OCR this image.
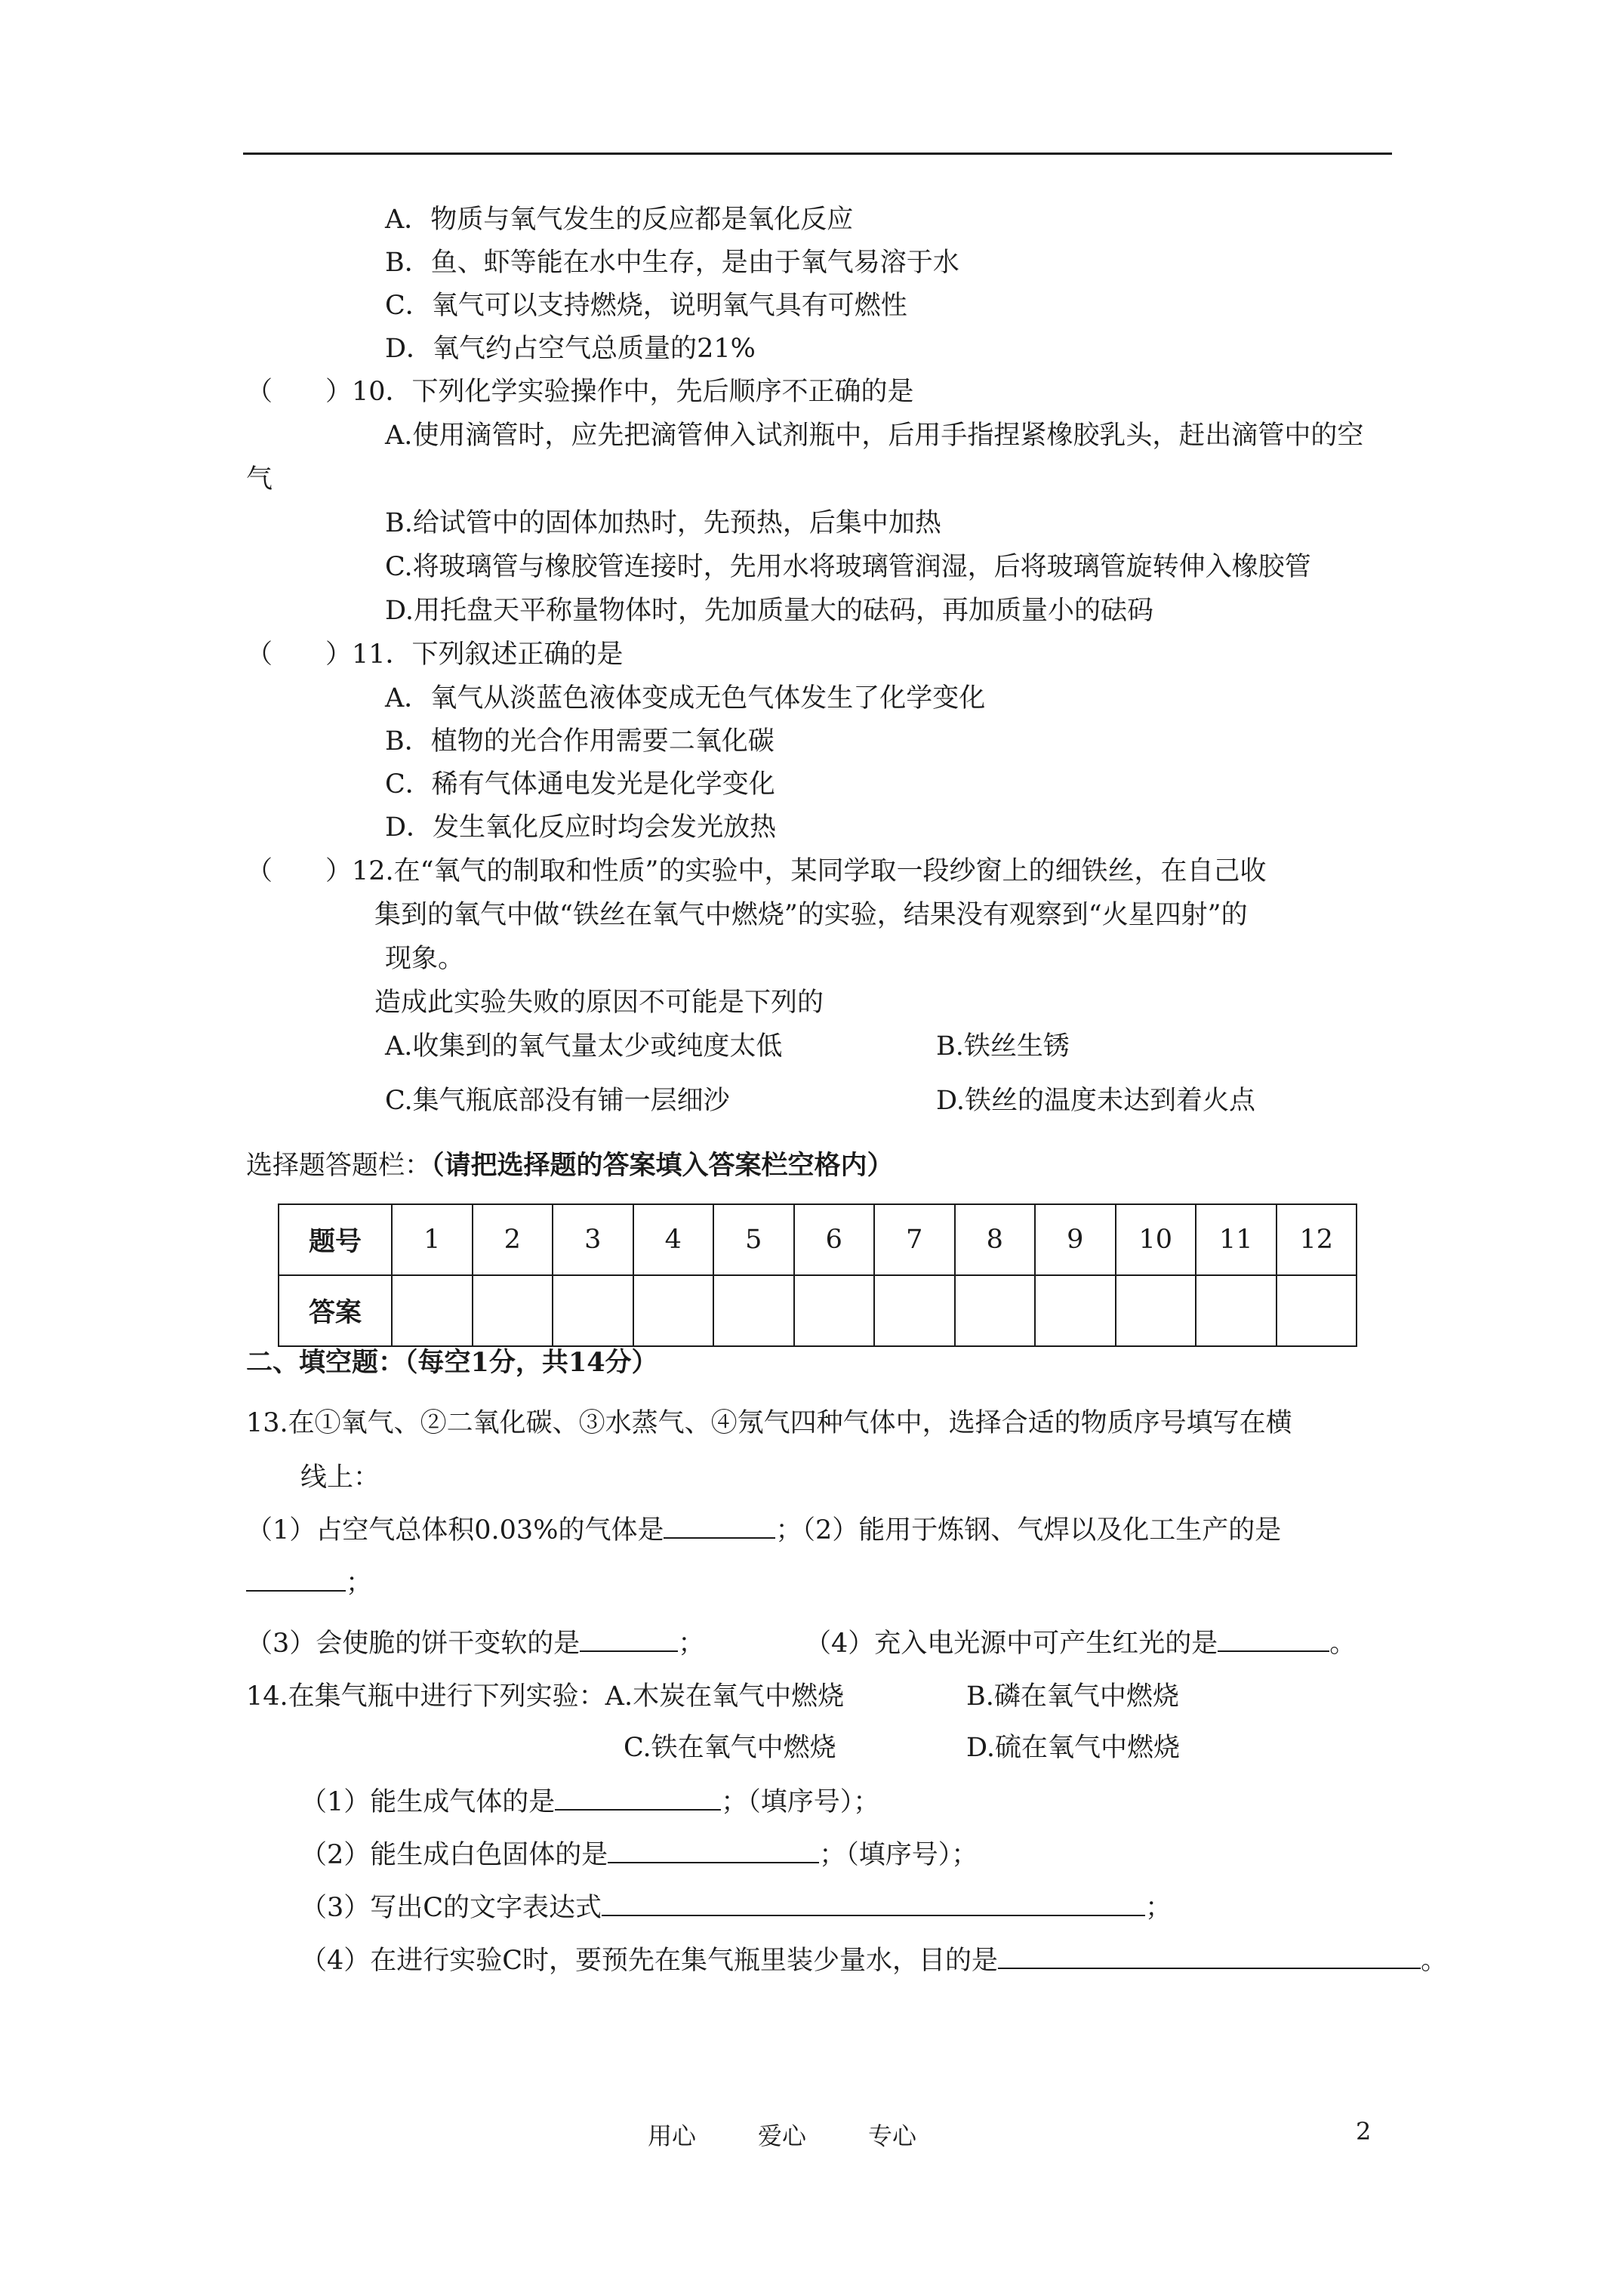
A．物质与氧气发生的反应都是氧化反应
B．鱼、虾等能在水中生存，是由于氧气易溶于水
C．氧气可以支持燃烧，说明氧气具有可燃性
D．氧气约占空气总质量的21%
（　　）10．下列化学实验操作中，先后顺序不正确的是
A.使用滴管时，应先把滴管伸入试剂瓶中，后用手指捏紧橡胶乳头，赶出滴管中的空
气
B.给试管中的固体加热时，先预热，后集中加热
C.将玻璃管与橡胶管连接时，先用水将玻璃管润湿，后将玻璃管旋转伸入橡胶管
D.用托盘天平称量物体时，先加质量大的砝码，再加质量小的砝码
（　　）11．下列叙述正确的是
A．氧气从淡蓝色液体变成无色气体发生了化学变化
B．植物的光合作用需要二氧化碳
C．稀有气体通电发光是化学变化
D．发生氧化反应时均会发光放热
（　　）12.在“氧气的制取和性质”的实验中，某同学取一段纱窗上的细铁丝，在自己收
集到的氧气中做“铁丝在氧气中燃烧”的实验，结果没有观察到“火星四射”的
现象。
造成此实验失败的原因不可能是下列的
A.收集到的氧气量太少或纯度太低	B.铁丝生锈
C.集气瓶底部没有铺一层细沙	D.铁丝的温度未达到着火点
选择题答题栏：（请把选择题的答案填入答案栏空格内）
题号	1	2	3	4	5	6	7	8	9	10	11	12
答案												
二、填空题：（每空1分，共14分）
13.在①氧气、②二氧化碳、③水蒸气、④氖气四种气体中，选择合适的物质序号填写在横
线上：
（1）占空气总体积0.03%的气体是	；（2）能用于炼钢、气焊以及化工生产的是
；
（3）会使脆的饼干变软的是	；	（4）充入电光源中可产生红光的是	。
14.在集气瓶中进行下列实验：A.木炭在氧气中燃烧	B.磷在氧气中燃烧
C.铁在氧气中燃烧	D.硫在氧气中燃烧
（1）能生成气体的是	；（填序号）；
（2）能生成白色固体的是	；（填序号）；
（3）写出C的文字表达式	；
（4）在进行实验C时，要预先在集气瓶里装少量水，目的是	。
用心	爱心	专心	2
